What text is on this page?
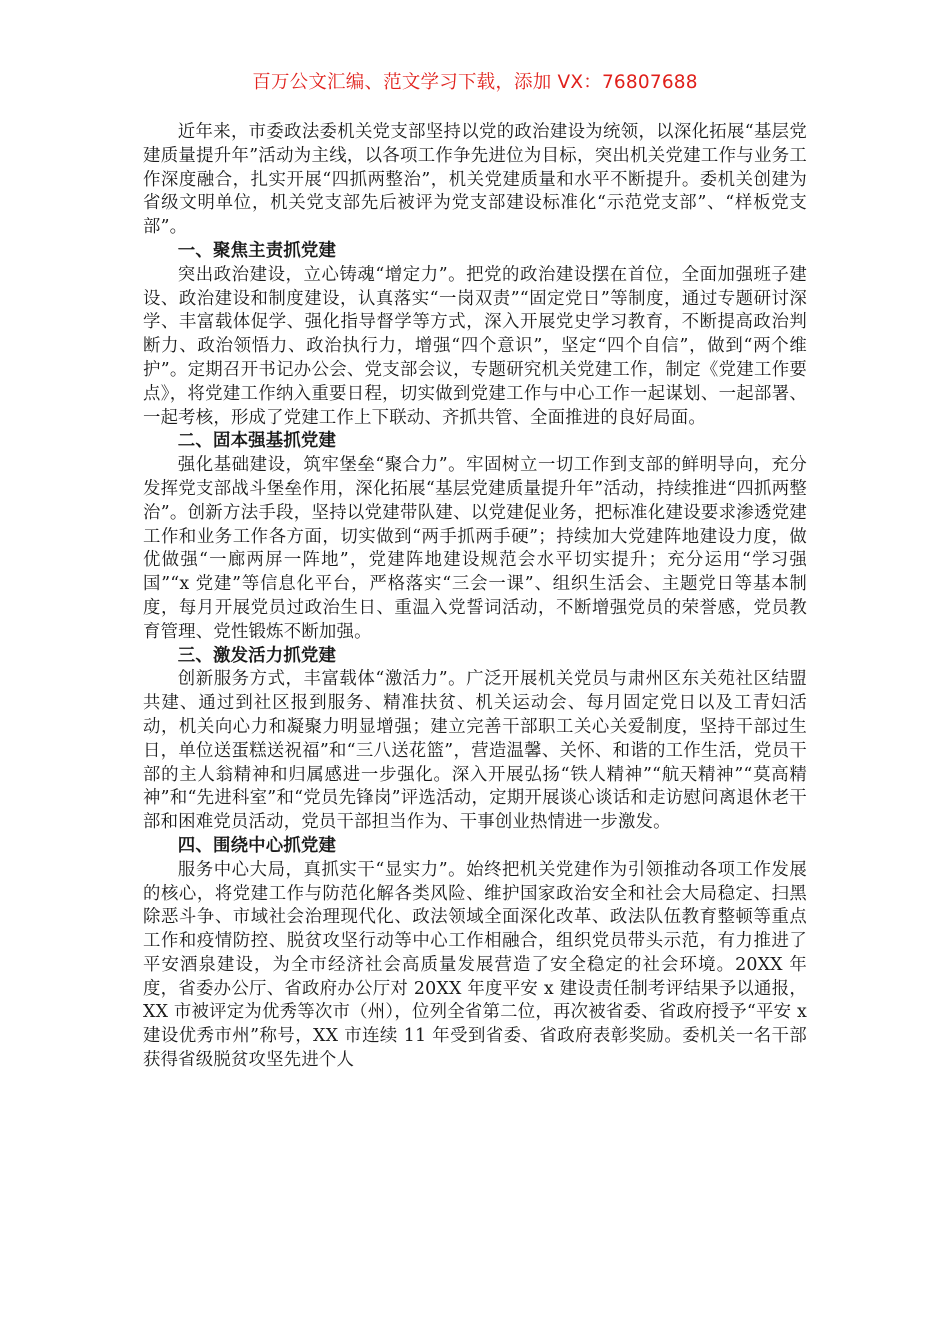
百万公文汇编、范文学习下载，添加 VX：76807688

近年来，市委政法委机关党支部坚持以党的政治建设为统领，以深化拓展“基层党建质量提升年”活动为主线，以各项工作争先进位为目标，突出机关党建工作与业务工作深度融合，扎实开展“四抓两整治”，机关党建质量和水平不断提升。委机关创建为省级文明单位，机关党支部先后被评为党支部建设标准化“示范党支部”、“样板党支部”。

一、聚焦主责抓党建

突出政治建设，立心铸魂“增定力”。把党的政治建设摆在首位，全面加强班子建设、政治建设和制度建设，认真落实“一岗双责”“固定党日”等制度，通过专题研讨深学、丰富载体促学、强化指导督学等方式，深入开展党史学习教育，不断提高政治判断力、政治领悟力、政治执行力，增强“四个意识”，坚定“四个自信”，做到“两个维护”。定期召开书记办公会、党支部会议，专题研究机关党建工作，制定《党建工作要点》，将党建工作纳入重要日程，切实做到党建工作与中心工作一起谋划、一起部署、一起考核，形成了党建工作上下联动、齐抓共管、全面推进的良好局面。

二、固本强基抓党建

强化基础建设，筑牢堡垒“聚合力”。牢固树立一切工作到支部的鲜明导向，充分发挥党支部战斗堡垒作用，深化拓展“基层党建质量提升年”活动，持续推进“四抓两整治”。创新方法手段，坚持以党建带队建、以党建促业务，把标准化建设要求渗透党建工作和业务工作各方面，切实做到“两手抓两手硬”；持续加大党建阵地建设力度，做优做强“一廊两屏一阵地”，党建阵地建设规范会水平切实提升；充分运用“学习强国”“x 党建”等信息化平台，严格落实“三会一课”、组织生活会、主题党日等基本制度，每月开展党员过政治生日、重温入党誓词活动，不断增强党员的荣誉感，党员教育管理、党性锻炼不断加强。

三、激发活力抓党建

创新服务方式，丰富载体“激活力”。广泛开展机关党员与肃州区东关苑社区结盟共建、通过到社区报到服务、精准扶贫、机关运动会、每月固定党日以及工青妇活动，机关向心力和凝聚力明显增强；建立完善干部职工关心关爱制度，坚持干部过生日，单位送蛋糕送祝福”和“三八送花篮”，营造温馨、关怀、和谐的工作生活，党员干部的主人翁精神和归属感进一步强化。深入开展弘扬“铁人精神”“航天精神”“莫高精神”和“先进科室”和“党员先锋岗”评选活动，定期开展谈心谈话和走访慰问离退休老干部和困难党员活动，党员干部担当作为、干事创业热情进一步激发。

四、围绕中心抓党建

服务中心大局，真抓实干“显实力”。始终把机关党建作为引领推动各项工作发展的核心，将党建工作与防范化解各类风险、维护国家政治安全和社会大局稳定、扫黑除恶斗争、市域社会治理现代化、政法领域全面深化改革、政法队伍教育整顿等重点工作和疫情防控、脱贫攻坚行动等中心工作相融合，组织党员带头示范，有力推进了平安酒泉建设，为全市经济社会高质量发展营造了安全稳定的社会环境。20XX 年度，省委办公厅、省政府办公厅对 20XX 年度平安 x 建设责任制考评结果予以通报，XX 市被评定为优秀等次市（州），位列全省第二位，再次被省委、省政府授予“平安 x 建设优秀市州”称号，XX 市连续 11 年受到省委、省政府表彰奖励。委机关一名干部获得省级脱贫攻坚先进个人
